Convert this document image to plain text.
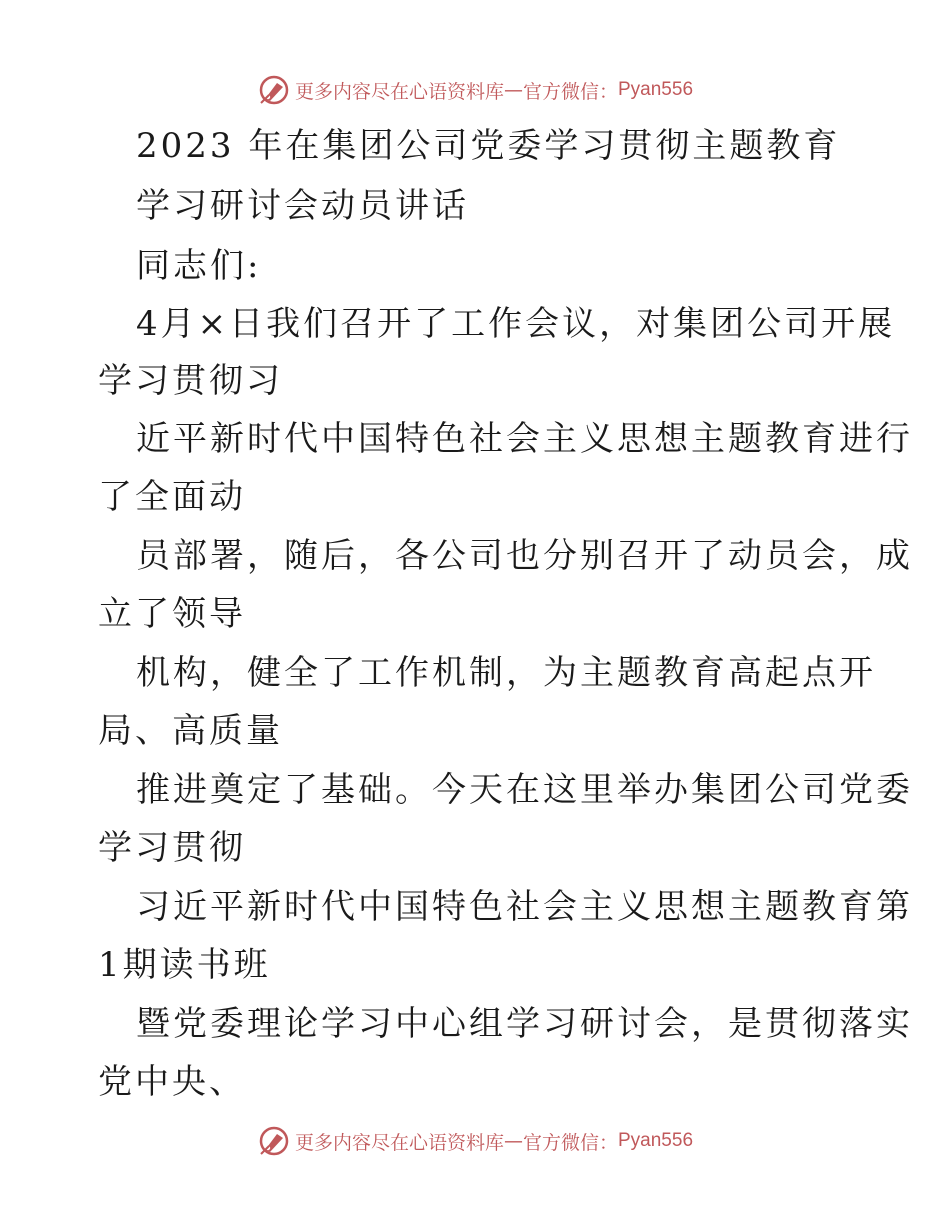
更多内容尽在心语资料库 — 官方微信： Pyan556
2023 年在集团公司党委学习贯彻主题教育
学习研讨会动员讲话
同志们:
4月×日我们召开了工作会议，对集团公司开展
学习贯彻习
近平新时代中国特色社会主义思想主题教育进行
了全面动
员部署，随后，各公司也分别召开了动员会，成
立了领导
机构，健全了工作机制，为主题教育高起点开
局、高质量
推进奠定了基础。今天在这里举办集团公司党委
学习贯彻
习近平新时代中国特色社会主义思想主题教育第
1期读书班
暨党委理论学习中心组学习研讨会，是贯彻落实
党中央、
更多内容尽在心语资料库 — 官方微信： Pyan556
